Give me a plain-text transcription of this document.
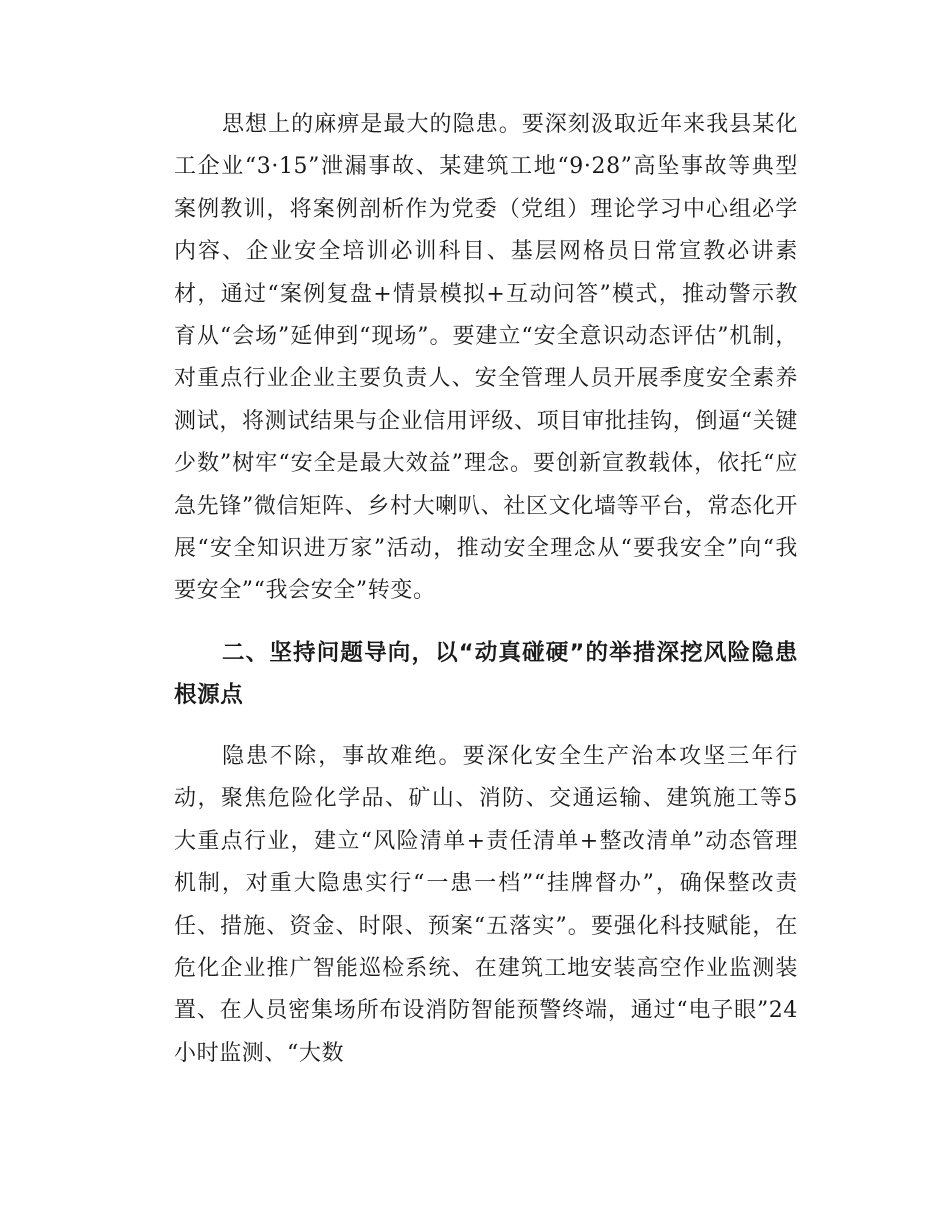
思想上的麻痹是最大的隐患。要深刻汲取近年来我县某化工企业“3·15”泄漏事故、某建筑工地“9·28”高坠事故等典型案例教训，将案例剖析作为党委（党组）理论学习中心组必学内容、企业安全培训必训科目、基层网格员日常宣教必讲素材，通过“案例复盘+情景模拟+互动问答”模式，推动警示教育从“会场”延伸到“现场”。要建立“安全意识动态评估”机制，对重点行业企业主要负责人、安全管理人员开展季度安全素养测试，将测试结果与企业信用评级、项目审批挂钩，倒逼“关键少数”树牢“安全是最大效益”理念。要创新宣教载体，依托“应急先锋”微信矩阵、乡村大喇叭、社区文化墙等平台，常态化开展“安全知识进万家”活动，推动安全理念从“要我安全”向“我要安全”“我会安全”转变。

二、坚持问题导向，以“动真碰硬”的举措深挖风险隐患根源点

隐患不除，事故难绝。要深化安全生产治本攻坚三年行动，聚焦危险化学品、矿山、消防、交通运输、建筑施工等5大重点行业，建立“风险清单+责任清单+整改清单”动态管理机制，对重大隐患实行“一患一档”“挂牌督办”，确保整改责任、措施、资金、时限、预案“五落实”。要强化科技赋能，在危化企业推广智能巡检系统、在建筑工地安装高空作业监测装置、在人员密集场所布设消防智能预警终端，通过“电子眼”24小时监测、“大数
